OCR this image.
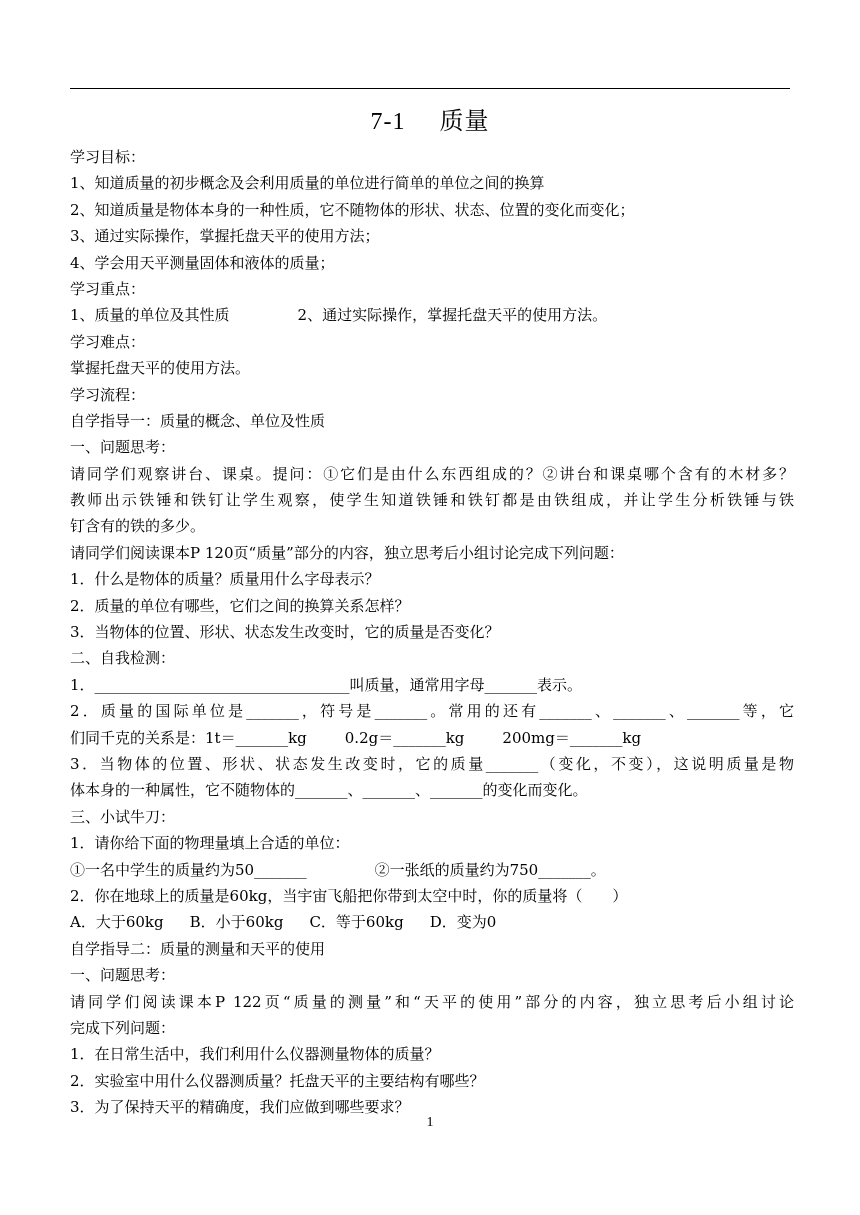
7-1 质量
学习目标：
1、知道质量的初步概念及会利用质量的单位进行简单的单位之间的换算
2、知道质量是物体本身的一种性质，它不随物体的形状、状态、位置的变化而变化；
3、通过实际操作，掌握托盘天平的使用方法；
4、学会用天平测量固体和液体的质量；
学习重点：
1、质量的单位及其性质	2、通过实际操作，掌握托盘天平的使用方法。
学习难点：
掌握托盘天平的使用方法。
学习流程：
自学指导一：质量的概念、单位及性质
一、问题思考：
请同学们观察讲台、课桌。提问：①它们是由什么东西组成的？②讲台和课桌哪个含有的木材多？
教师出示铁锤和铁钉让学生观察，使学生知道铁锤和铁钉都是由铁组成，并让学生分析铁锤与铁
钉含有的铁的多少。
请同学们阅读课本P 120页“质量”部分的内容，独立思考后小组讨论完成下列问题：
1．什么是物体的质量？质量用什么字母表示？
2．质量的单位有哪些，它们之间的换算关系怎样？
3．当物体的位置、形状、状态发生改变时，它的质量是否变化？
二、自我检测：
1．__________________________________叫质量，通常用字母_______表示。
2．质量的国际单位是_______，符号是_______。常用的还有_______、_______、_______等，它
们同千克的关系是：1t＝_______kg	0.2g＝_______kg	200mg＝_______kg
3．当物体的位置、形状、状态发生改变时，它的质量_______（变化，不变），这说明质量是物
体本身的一种属性，它不随物体的_______、_______、_______的变化而变化。
三、小试牛刀：
1．请你给下面的物理量填上合适的单位：
①一名中学生的质量约为50_______	②一张纸的质量约为750_______。
2．你在地球上的质量是60kg，当宇宙飞船把你带到太空中时，你的质量将（　　）
A．大于60kg B．小于60kg C．等于60kg D．变为0
自学指导二：质量的测量和天平的使用
一、问题思考：
请同学们阅读课本P 122页“质量的测量”和“天平的使用”部分的内容，独立思考后小组讨论
完成下列问题：
1．在日常生活中，我们利用什么仪器测量物体的质量？
2．实验室中用什么仪器测质量？托盘天平的主要结构有哪些？
3．为了保持天平的精确度，我们应做到哪些要求？
1
